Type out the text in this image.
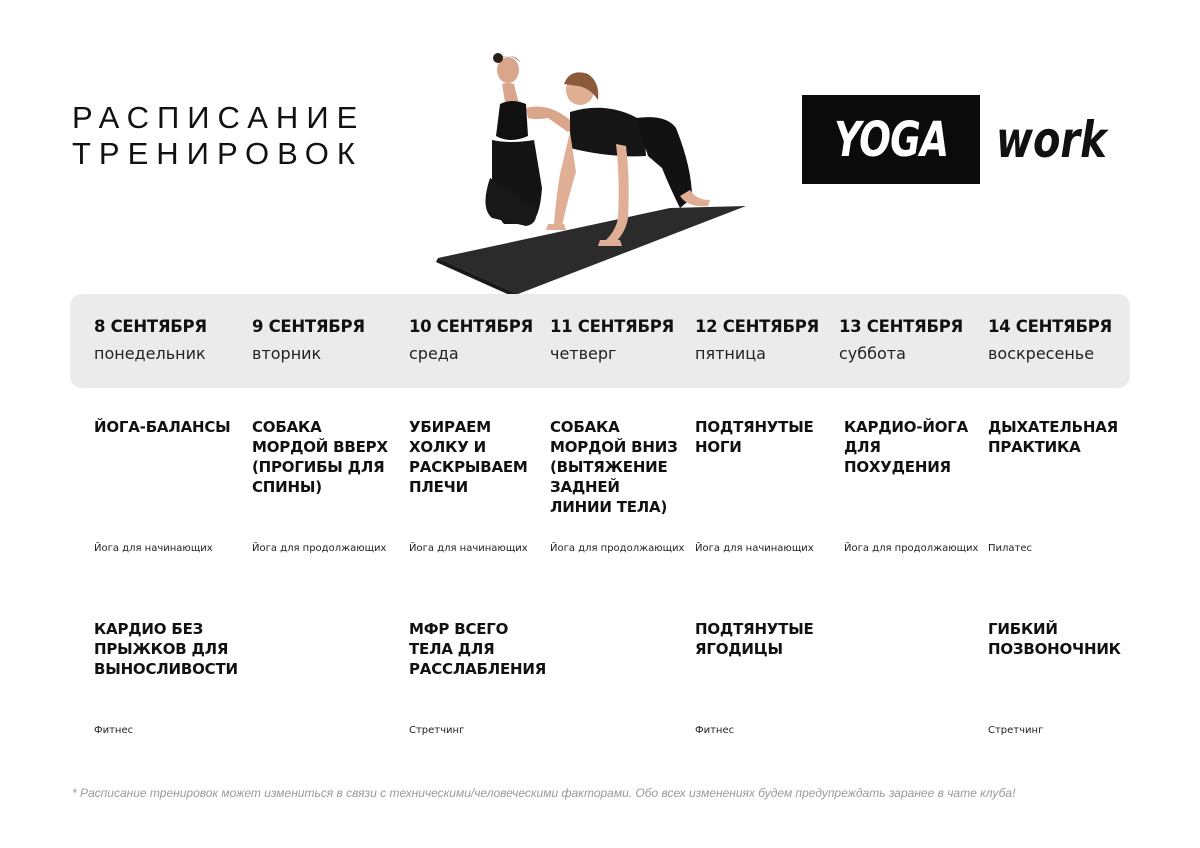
РАСПИСАНИЕ
ТРЕНИРОВОК	YOGA work
8 СЕНТЯБРЯ
понедельник
9 СЕНТЯБРЯ
вторник
10 СЕНТЯБРЯ
среда
11 СЕНТЯБРЯ
четверг
12 СЕНТЯБРЯ
пятница
13 СЕНТЯБРЯ
суббота
14 СЕНТЯБРЯ
воскресенье
ЙОГА-БАЛАНСЫ
Йога для начинающих
СОБАКА МОРДОЙ ВВЕРХ (ПРОГИБЫ ДЛЯ СПИНЫ)
Йога для продолжающих
УБИРАЕМ ХОЛКУ И РАСКРЫВАЕМ ПЛЕЧИ
Йога для начинающих
СОБАКА МОРДОЙ ВНИЗ (ВЫТЯЖЕНИЕ ЗАДНЕЙ ЛИНИИ ТЕЛА)
Йога для продолжающих
ПОДТЯНУТЫЕ НОГИ
Йога для начинающих
КАРДИО-ЙОГА ДЛЯ ПОХУДЕНИЯ
Йога для продолжающих
ДЫХАТЕЛЬНАЯ ПРАКТИКА
Пилатес
КАРДИО БЕЗ ПРЫЖКОВ ДЛЯ ВЫНОСЛИВОСТИ
Фитнес
МФР ВСЕГО ТЕЛА ДЛЯ РАССЛАБЛЕНИЯ
Стретчинг
ПОДТЯНУТЫЕ ЯГОДИЦЫ
Фитнес
ГИБКИЙ ПОЗВОНОЧНИК
Стретчинг
* Расписание тренировок может измениться в связи с техническими/человеческими факторами. Обо всех изменениях будем предупреждать заранее в чате клуба!
